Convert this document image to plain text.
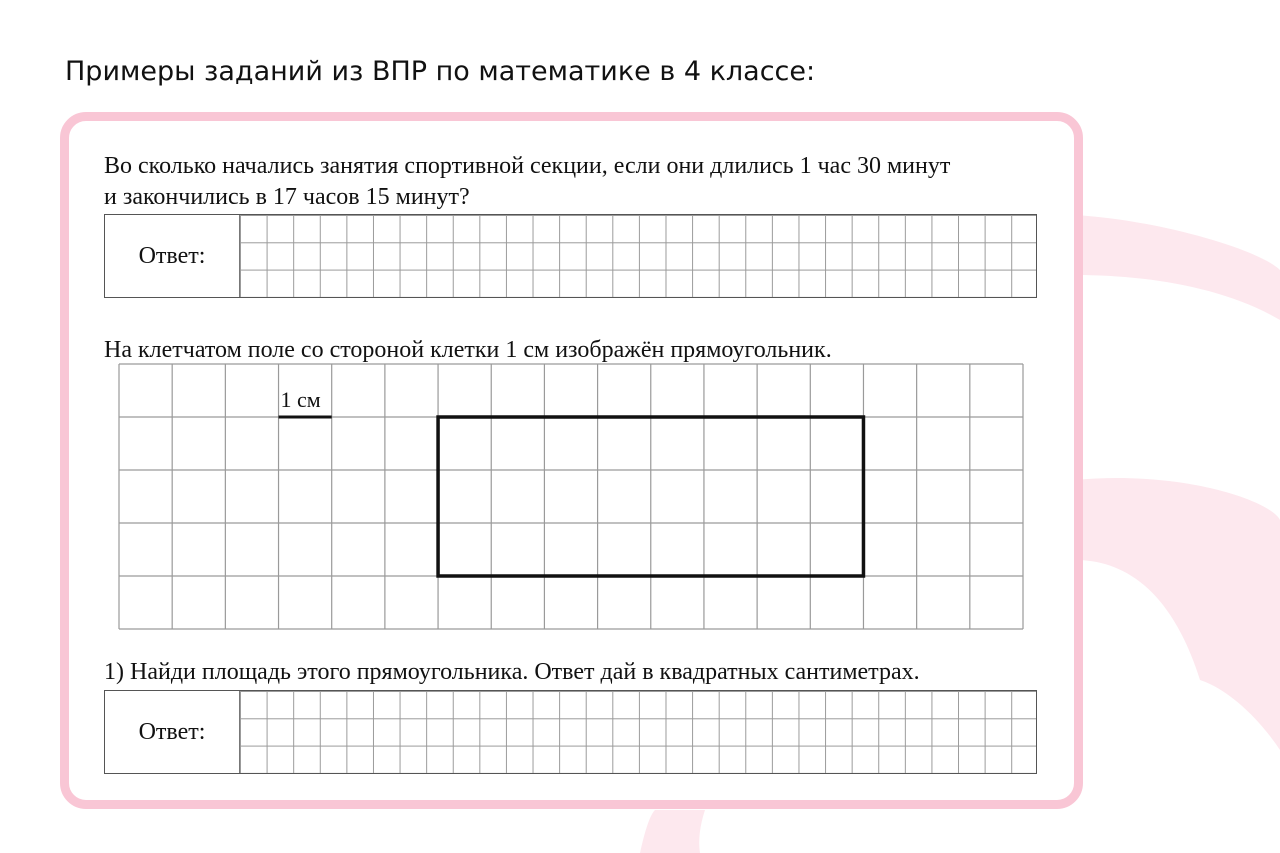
Примеры заданий из ВПР по математике в 4 классе:

Во сколько начались занятия спортивной секции, если они длились 1 час 30 минут

и закончились в 17 часов 15 минут?

Ответ:

На клетчатом поле со стороной клетки 1 см изображён прямоугольник.

1 см

1) Найди площадь этого прямоугольника. Ответ дай в квадратных сантиметрах.

Ответ:
